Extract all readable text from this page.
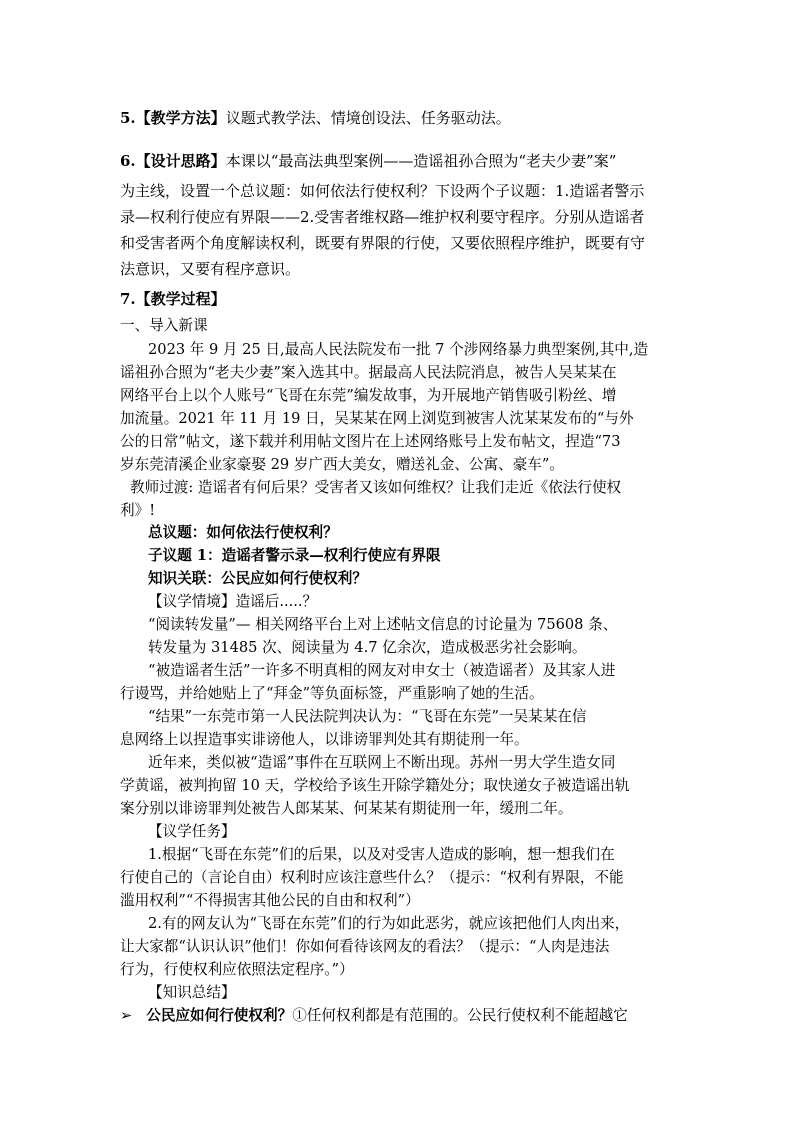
5.【教学方法】议题式教学法、情境创设法、任务驱动法。
6.【设计思路】本课以“最高法典型案例——造谣祖孙合照为“老夫少妻”案”
为主线，设置一个总议题：如何依法行使权利？下设两个子议题：1.造谣者警示
录—权利行使应有界限——2.受害者维权路—维护权利要守程序。分别从造谣者
和受害者两个角度解读权利，既要有界限的行使，又要依照程序维护，既要有守
法意识，又要有程序意识。
7.【教学过程】
一、导入新课
2023 年 9 月 25 日,最高人民法院发布一批 7 个涉网络暴力典型案例,其中,造
谣祖孙合照为“老夫少妻”案入选其中。据最高人民法院消息，被告人吴某某在
网络平台上以个人账号“飞哥在东莞”编发故事，为开展地产销售吸引粉丝、增
加流量。2021 年 11 月 19 日，吴某某在网上浏览到被害人沈某某发布的“与外
公的日常”帖文，遂下载并利用帖文图片在上述网络账号上发布帖文，捏造“73
岁东莞清溪企业家豪娶 29 岁广西大美女，赠送礼金、公寓、豪车”。
教师过渡: 造谣者有何后果？受害者又该如何维权？让我们走近《依法行使权
利》!
总议题：如何依法行使权利？
子议题 1：造谣者警示录—权利行使应有界限
知识关联：公民应如何行使权利？
【议学情境】造谣后.....？
“阅读转发量”— 相关网络平台上对上述帖文信息的讨论量为 75608 条、
转发量为 31485 次、阅读量为 4.7 亿余次，造成极恶劣社会影响。
“被造谣者生活”一许多不明真相的网友对申女士（被造谣者）及其家人进
行谩骂，并给她贴上了“拜金”等负面标签，严重影响了她的生活。
“结果”一东莞市第一人民法院判决认为：“飞哥在东莞”一吴某某在信
息网络上以捏造事实诽谤他人，以诽谤罪判处其有期徒刑一年。
近年来，类似被“造谣”事件在互联网上不断出现。苏州一男大学生造女同
学黄谣，被判拘留 10 天，学校给予该生开除学籍处分；取快递女子被造谣出轨
案分别以诽谤罪判处被告人郎某某、何某某有期徒刑一年，缓刑二年。
【议学任务】
1.根据“飞哥在东莞”们的后果，以及对受害人造成的影响，想一想我们在
行使自己的（言论自由）权利时应该注意些什么？（提示：“权利有界限，不能
滥用权利”“不得损害其他公民的自由和权利”）
2.有的网友认为“飞哥在东莞”们的行为如此恶劣，就应该把他们人肉出来，
让大家都“认识认识”他们！你如何看待该网友的看法？（提示：“人肉是违法
行为，行使权利应依照法定程序。”）
【知识总结】
➢ 公民应如何行使权利？①任何权利都是有范围的。公民行使权利不能超越它
